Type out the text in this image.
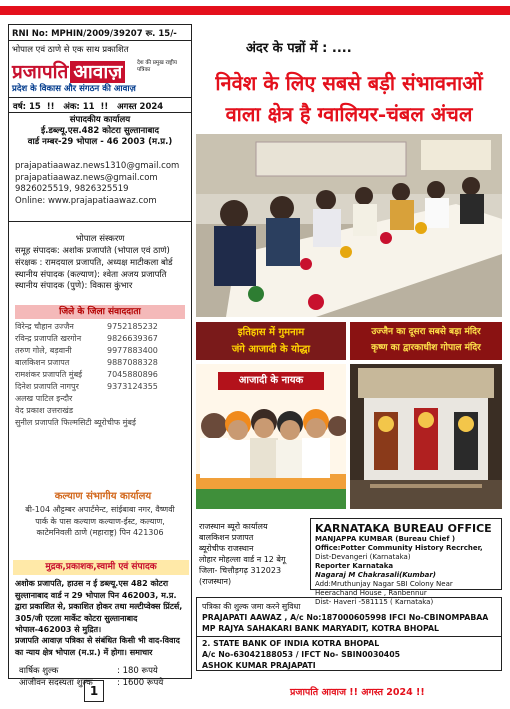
RNI No: MPHIN/2009/39207 रू. 15/-
भोपाल एवं ठाणे से एक साथ प्रकाशित
प्रजापति आवाज़	देश की प्रमुख राष्ट्रीय पत्रिका
प्रदेश के विकास और संगठन की आवाज़
वर्ष: 15  !!   अंक: 11  !!   अगस्त 2024
संपादकीय कार्यालय
ई.डब्ल्यू.एस.482 कोटरा सुल्तानाबाद
वार्ड नम्बर-29 भोपाल - 46 2003 (म.प्र.)
prajapatiaawaz.news1310@gmail.com
prajapatiaawaz.news@gmail.com
9826025519, 9826325519
Online: www.prajapatiaawaz.com
भोपाल संस्करण
समूह संपादक: अशोक प्रजापति (भोपाल एवं ठाणे)
संरक्षक : रामदयाल प्रजापति, अध्यक्ष माटीकला बोर्ड
स्थानीय संपादक (कल्याण): श्वेता अजय प्रजापति
स्थानीय संपादक (पुणे): विकास कुंभार
जिले के जिला संवाददाता
विरेन्द्र चौहान उज्जैन	9752185232
रविन्द्र प्रजापति खरगोन	9826639367
तरुण गोले, बड़वानी	9977883400
बालकिशन प्रजापत	9887088328
रामशंकर प्रजापति मुंबई	7045880896
दिनेश प्रजापति नागपुर	9373124355
अलख पाटिल इन्दौर
वेद प्रकाश उत्तराखंड
सुनील प्रजापति फिल्मसिटी ब्यूरोचीफ मुंबई
कल्याण संभागीय कार्यालय
बी-104 औट्टम्बर अपार्टमेन्ट, सांईबाबा नगर, वैष्णवी पार्क के पास कल्याण कल्याण-ईस्ट, कल्याण, काटेमनिवली ठाणे (महाराष्ट्र) पिन 421306
मुद्रक,प्रकाशक,स्वामी एवं संपादक
अशोक प्रजापति, हाउस न ई डब्ल्यू.एस 482 कोटरा सुल्तानाबाद वार्ड न 29 भोपाल पिन 462003, म.प्र. द्वारा प्रकाशित से, प्रकाशित होकर तथा मल्टीप्वेक्स प्रिंटर्स, 305/जी एटला मार्केट कोटरा सुल्तानाबाद भोपाल-462003 से मुद्रित।
प्रजापति आवाज़ पत्रिका से संबंधित किसी भी वाद-विवाद का न्याय क्षेत्र भोपाल (म.प्र.) में होगा। समाचार
वार्षिक शुल्क	: 180 रूपये
आजीवन सदस्यता शुल्क	: 1600 रूपये
अंदर के पन्नों में : ....
निवेश के लिए सबसे बड़ी संभावनाओं
वाला क्षेत्र है ग्वालियर-चंबल अंचल
इतिहास में गुमनाम
जंगे आजादी के योद्धा
उज्जैन का दूसरा सबसे बड़ा मंदिर
कृष्ण का द्वारकाधीश गोपाल मंदिर
आजादी के नायक
राजस्थान ब्यूरो कार्यालय
बालकिशन प्रजापत
ब्यूरोचीफ राजस्थान
लोहार मोहल्ला वार्ड न 12 बेगू
जिला- चित्तौड़गढ़ 312023
(राजस्थान)
KARNATAKA BUREAU OFFICE
MANJAPPA KUMBAR (Bureau Chief )
Office:Potter Community History Recrcher,
Dist-Devangeri (Karnataka)
Reporter Karnataka
Nagaraj M Chakrasali(Kumbar)
Add:Mruthunjay Nagar SBI Colony Near
Heerachand House , Ranbennur
Dist- Haveri -581115 ( Karnataka)
पत्रिका की शुल्क जमा करने सुविधा
PRAJAPATI AAWAZ , A/c No:187000605998 IFCI No-CBINOMPABAA
MP RAJYA SAHAKARI BANK MARYADIT, KOTRA BHOPAL
2. STATE BANK OF INDIA KOTRA BHOPAL
A/c No-63042188053 / IFCT No- SBIN0030405
ASHOK KUMAR PRAJAPATI
1	प्रजापति आवाज !! अगस्त 2024 !!
